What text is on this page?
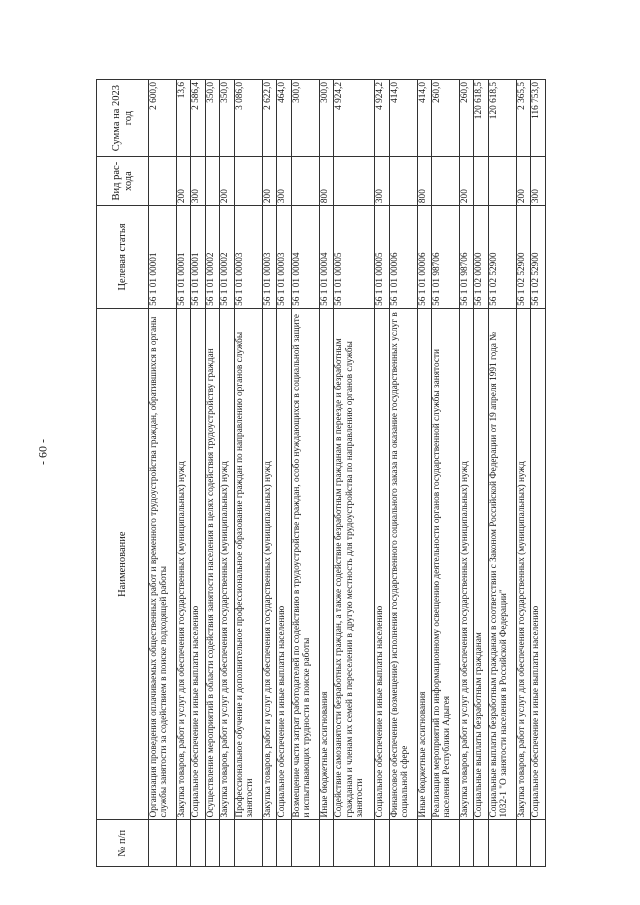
- 60 -
№ п/п	Наименование	Целевая статья	Вид рас-хода	Сумма на 2023 год
	Организация проведения оплачиваемых общественных работ и временного трудоустройства граждан, обратившихся в органы службы занятости за содействием в поиске подходящей работы	56 1 01 00001		2 600,0
	Закупка товаров, работ и услуг для обеспечения государственных (муниципальных) нужд	56 1 01 00001	200	13,6
	Социальное обеспечение и иные выплаты населению	56 1 01 00001	300	2 586,4
	Осуществление мероприятий в области содействия занятости населения в целях содействия трудоустройству граждан	56 1 01 00002		350,0
	Закупка товаров, работ и услуг для обеспечения государственных (муниципальных) нужд	56 1 01 00002	200	350,0
	Профессиональное обучение и дополнительное профессиональное образование граждан по направлению органов службы занятости	56 1 01 00003		3 086,0
	Закупка товаров, работ и услуг для обеспечения государственных (муниципальных) нужд	56 1 01 00003	200	2 622,0
	Социальное обеспечение и иные выплаты населению	56 1 01 00003	300	464,0
	Возмещение части затрат работодателей по содействию в трудоустройстве граждан, особо нуждающихся в социальной защите и испытывающих трудности в поиске работы	56 1 01 00004		300,0
	Иные бюджетные ассигнования	56 1 01 00004	800	300,0
	Содействие самозанятости безработных граждан, а также содействие безработным гражданам в переезде и безработным гражданам и членам их семей в переселении в другую местность для трудоустройства по направлению органов службы занятости	56 1 01 00005		4 924,2
	Социальное обеспечение и иные выплаты населению	56 1 01 00005	300	4 924,2
	Финансовое обеспечение (возмещение) исполнения государственного социального заказа на оказание государственных услуг в социальной сфере	56 1 01 00006		414,0
	Иные бюджетные ассигнования	56 1 01 00006	800	414,0
	Реализация мероприятий по информационному освещению деятельности органов государственной службы занятости населения Республики Адыгея	56 1 01 98706		260,0
	Закупка товаров, работ и услуг для обеспечения государственных (муниципальных) нужд	56 1 01 98706	200	260,0
	Социальные выплаты безработным гражданам	56 1 02 00000		120 618,5
	Социальные выплаты безработным гражданам в соответствии с Законом Российской Федерации от 19 апреля 1991 года № 1032-1 "О занятости населения в Российской Федерации"	56 1 02 52900		120 618,5
	Закупка товаров, работ и услуг для обеспечения государственных (муниципальных) нужд	56 1 02 52900	200	2 365,5
	Социальное обеспечение и иные выплаты населению	56 1 02 52900	300	116 753,0
